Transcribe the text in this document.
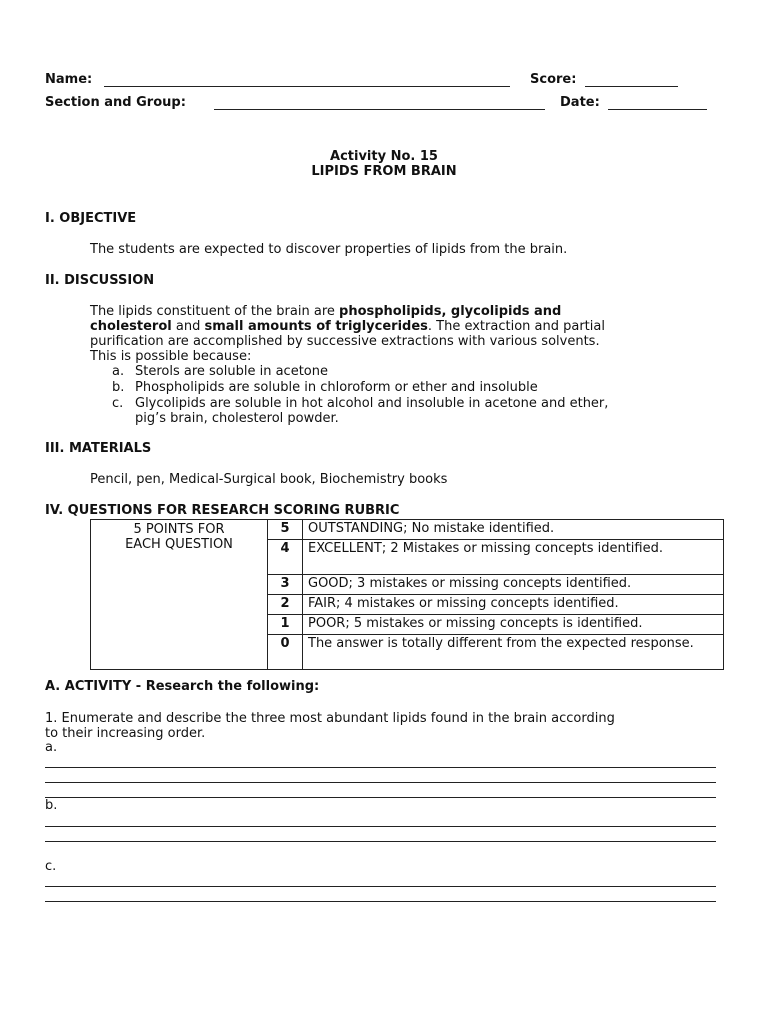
Name:	Score:
Section and Group:	Date:
Activity No. 15
LIPIDS FROM BRAIN
I. OBJECTIVE
The students are expected to discover properties of lipids from the brain.
II. DISCUSSION
The lipids constituent of the brain are phospholipids, glycolipids and
cholesterol and small amounts of triglycerides. The extraction and partial
purification are accomplished by successive extractions with various solvents.
This is possible because:
a. Sterols are soluble in acetone
b. Phospholipids are soluble in chloroform or ether and insoluble
c. Glycolipids are soluble in hot alcohol and insoluble in acetone and ether,
pig’s brain, cholesterol powder.
III. MATERIALS
Pencil, pen, Medical-Surgical book, Biochemistry books
IV. QUESTIONS FOR RESEARCH SCORING RUBRIC
5 POINTS FOR
EACH QUESTION	5	OUTSTANDING; No mistake identified.
	4	EXCELLENT; 2 Mistakes or missing concepts identified.
	3	GOOD; 3 mistakes or missing concepts identified.
	2	FAIR; 4 mistakes or missing concepts identified.
	1	POOR; 5 mistakes or missing concepts is identified.
	0	The answer is totally different from the expected response.
A. ACTIVITY - Research the following:
1. Enumerate and describe the three most abundant lipids found in the brain according
to their increasing order.
a.
b.
c.
